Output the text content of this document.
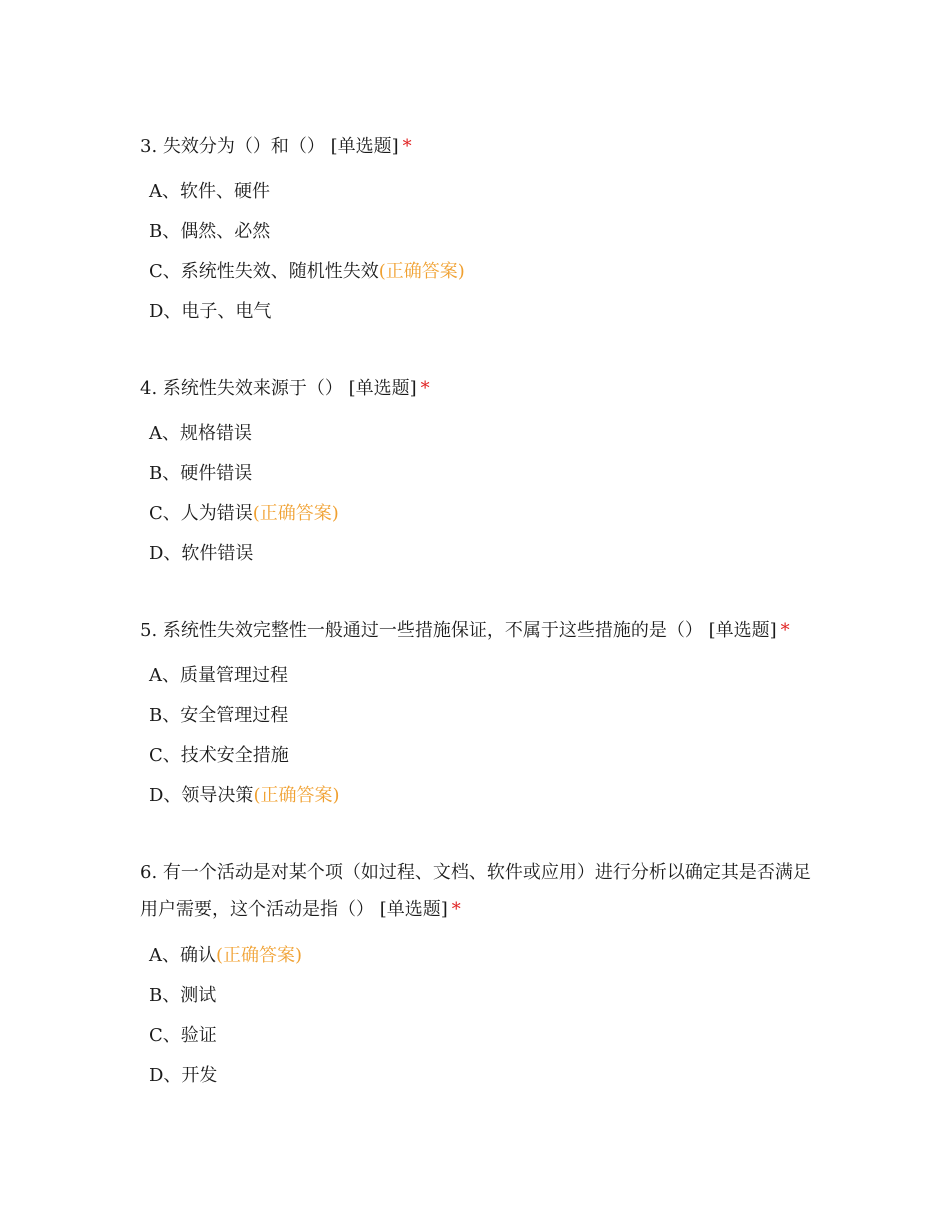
3. 失效分为（）和（） [单选题] *
A、软件、硬件
B、偶然、必然
C、系统性失效、随机性失效(正确答案)
D、电子、电气
4. 系统性失效来源于（） [单选题] *
A、规格错误
B、硬件错误
C、人为错误(正确答案)
D、软件错误
5. 系统性失效完整性一般通过一些措施保证，不属于这些措施的是（） [单选题] *
A、质量管理过程
B、安全管理过程
C、技术安全措施
D、领导决策(正确答案)
6. 有一个活动是对某个项（如过程、文档、软件或应用）进行分析以确定其是否满足用户需要，这个活动是指（） [单选题] *
A、确认(正确答案)
B、测试
C、验证
D、开发
